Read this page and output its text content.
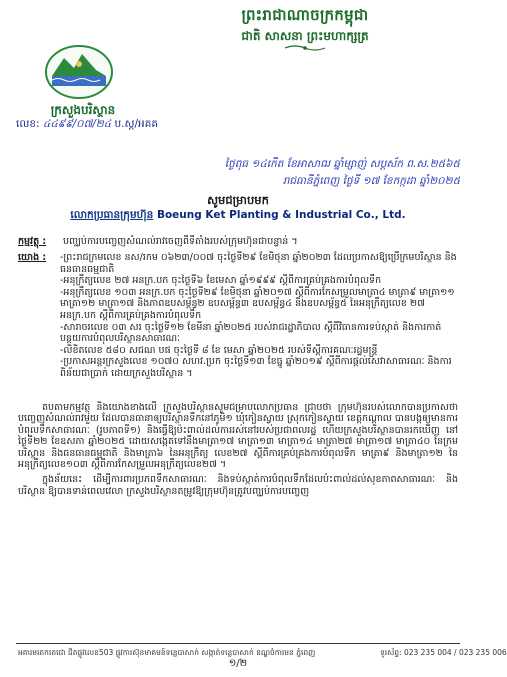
ព្រះរាជាណាចក្រកម្ពុជា
ជាតិ សាសនា ព្រះមហាក្សត្រ
ក្រសួងបរិស្ថាន
លេខ: ៤៤៩៩/០៧/២៤ ប.ស្ត/អគគ
ថ្ងៃពុធ ១៤កើត ខែអាសាឍ ឆ្នាំម្សាញ់ សប្តស័ក ព.ស.២៥៦៥
រាជធានីភ្នំពេញ ថ្ងៃទី ១៧ ខែកក្កដា ឆ្នាំ២០២៥
សូមជម្រាបមក
លោកប្រធានក្រុមហ៊ុន Boeung Ket Planting & Industrial Co., Ltd.
កម្មវត្ថុ : បញ្ឈប់ការបញ្ចេញសំណល់រាវចេញពីទីតាំងរបស់ក្រុមហ៊ុនជាបន្ទាន់ ។
យោង :	-ព្រះរាជក្រមលេខ នស/រកម ០៦២៣/០០៧ ចុះថ្ងៃទី២៩ ខែមិថុនា ឆ្នាំ២០២៣ ដែលប្រកាសឱ្យប្រើក្រមបរិស្ថាន និងធនធានធម្មជាតិ
-អនុក្រឹត្យលេខ ២៧ អនក្រ.បក ចុះថ្ងៃទី៦ ខែមេសា ឆ្នាំ១៩៩៩ ស្តីពីការគ្រប់គ្រងការបំពុលទឹក
-អនុក្រឹត្យលេខ ១០៣ អនក្រ.បក ចុះថ្ងៃទី២៩ ខែមិថុនា ឆ្នាំ២០១៧ ស្តីពីការកែសម្រួលមាត្រា៤ មាត្រា៩ មាត្រា១១ មាត្រា១២ មាត្រា១៧ និងភាពឧបសម្ព័ន្ធ២ ឧបសម្ព័ន្ធ៣ ឧបសម្ព័ន្ធ៤ និងឧបសម្ព័ន្ធ៥ នៃអនុក្រឹត្យលេខ ២៧ អនក្រ.បក ស្តីពីការគ្រប់គ្រងការបំពុលទឹក
-សារាចរលេខ ០៣ សរ ចុះថ្ងៃទី១២ ខែមីនា ឆ្នាំ២០២៥ របស់រាជរដ្ឋាភិបាល ស្តីពីវិធានការទប់ស្កាត់ និងការកាត់បន្ថយការបំពុលបរិស្ថានសាធារណៈ
-លិខិតលេខ ៥៨០ សជណ បផ ចុះថ្ងៃទី ៨ ខែ មេសា ឆ្នាំ២០២៥ របស់ទីស្តីការគណៈរដ្ឋមន្ត្រី
-ប្រកាសអន្តរក្រសួងលេខ ១០៧០ សហវ.ប្រក ចុះថ្ងៃទី១៣ ខែធ្នូ ឆ្នាំ២០១៩ ស្តីពីការផ្តល់សេវាសាធារណៈ និងការពិន័យជាប្រាក់ ដោយក្រសួងបរិស្ថាន ។

តបតាមកម្មវត្ថុ និងយោងខាងលើ ក្រសួងបរិស្ថានសូមជម្រាបលោកប្រធាន ជ្រាបថា ក្រុមហ៊ុនរបស់លោកបានប្រកាសថាបញ្ចេញសំណល់រាវមួយ ដែលបានធានាឲ្យបរិស្ថានទឹកនៅភូមិ១ ឃុំកៀនស្វាយ ស្រុកកៀនស្វាយ ខេត្តកណ្តាល បានបង្កឲ្យមានការបំពុលទឹកសាធារណៈ (រូបភាពទី១) និងធ្វើឱ្យប៉ះពាល់ដល់ការរស់នៅរបស់ប្រជាពលរដ្ឋ ហើយក្រសួងបរិស្ថានបានរកឃើញ នៅថ្ងៃទី២២ ខែឧសភា ឆ្នាំ២០២៥ ដោយសង្កេតទៅនឹងមាត្រា១៧ មាត្រា១៣ មាត្រា១៤ មាត្រា២៧ មាត្រា១៧ មាត្រា៤០ នៃក្រមបរិស្ថាន និងធនធានធម្មជាតិ និងមាត្រា៦ នៃអនុក្រឹត្យ លេខ២៧ ស្តីពីការគ្រប់គ្រងការបំពុលទឹក មាត្រា៩ និងមាត្រា១២ នៃអនុក្រឹត្យលេខ១០៣ ស្តីពីការកែសម្រួលអនុក្រឹត្យលេខ២៧ ។

ក្នុងន័យនេះ ដើម្បីការពារប្រភពទឹកសាធារណៈ និងទប់ស្កាត់ការបំពុលទឹកដែលប៉ះពាល់ដល់សុខភាពសាធារណៈ និងបរិស្ថាន ឱ្យបានទាន់ពេលវេលា ក្រសួងបរិស្ថានតម្រូវឱ្យក្រុមហ៊ុនត្រូវបញ្ឈប់ការបញ្ចេញ

អគារមរតកតេជោ ជិតផ្លូវលេខ503 ផ្លូវការស៊ុនមាគមន៍ទន្លេបាសាក់ សង្កាត់ទន្លេបាសាក់ ខណ្ឌចំការមន ភ្នំពេញ	ទូរស័ព្ទ: 023 235 004 / 023 235 006
១/២
